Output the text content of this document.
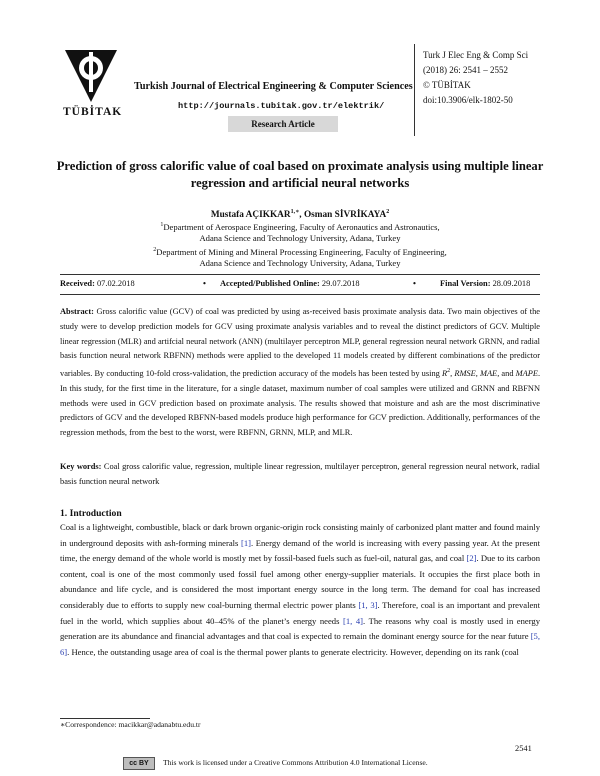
TÜBİTAK
Turkish Journal of Electrical Engineering & Computer Sciences
http://journals.tubitak.gov.tr/elektrik/
Research Article
Turk J Elec Eng & Comp Sci
(2018) 26: 2541 – 2552
© TÜBİTAK
doi:10.3906/elk-1802-50
Prediction of gross calorific value of coal based on proximate analysis using multiple linear regression and artificial neural networks
Mustafa $AÇIKKAR^{1,∗}$, Osman SİVRİKAYA$^2$
$^1$Department of Aerospace Engineering, Faculty of Aeronautics and Astronautics,
Adana Science and Technology University, Adana, Turkey
$^2$Department of Mining and Mineral Processing Engineering, Faculty of Engineering,
Adana Science and Technology University, Adana, Turkey
Received: 07.02.2018	• Accepted/Published Online: 29.07.2018	•	Final Version: 28.09.2018
Abstract: Gross calorific value (GCV) of coal was predicted by using as-received basis proximate analysis data. Two main objectives of the study were to develop prediction models for GCV using proximate analysis variables and to reveal the distinct predictors of GCV. Multiple linear regression (MLR) and artifcial neural network (ANN) (multilayer perceptron MLP, general regression neural network GRNN, and radial basis function neural network RBFNN) methods were applied to the developed 11 models created by different combinations of the predictor variables. By conducting 10-fold cross-validation, the prediction accuracy of the models has been tested by using $R^2$, RMSE, MAE, and MAPE. In this study, for the first time in the literature, for a single dataset, maximum number of coal samples were utilized and GRNN and RBFNN methods were used in GCV prediction based on proximate analysis. The results showed that moisture and ash are the most discriminative predictors of GCV and the developed RBFNN-based models produce high performance for GCV prediction. Additionally, performances of the regression methods, from the best to the worst, were RBFNN, GRNN, MLP, and MLR.
Key words: Coal gross calorific value, regression, multiple linear regression, multilayer perceptron, general regression neural network, radial basis function neural network
1. Introduction
Coal is a lightweight, combustible, black or dark brown organic-origin rock consisting mainly of carbonized plant matter and found mainly in underground deposits with ash-forming minerals [1]. Energy demand of the world is increasing with every passing year. At the present time, the energy demand of the whole world is mostly met by fossil-based fuels such as fuel-oil, natural gas, and coal [2]. Due to its carbon content, coal is one of the most commonly used fossil fuel among other energy-supplier materials. It occupies the first place both in abundance and life cycle, and is considered the most important energy source in the long term. The demand for coal has increased considerably due to efforts to supply new coal-burning thermal electric power plants [1, 3]. Therefore, coal is an important and prevalent fuel in the world, which supplies about 40–45% of the planet’s energy needs [1, 4]. The reasons why coal is mostly used in energy generation are its abundance and financial advantages and that coal is expected to remain the dominant energy source for the near future [5, 6]. Hence, the outstanding usage area of coal is the thermal power plants to generate electricity. However, depending on its rank (coal
∗Correspondence: macikkar@adanabtu.edu.tr
2541
cc BY	This work is licensed under a Creative Commons Attribution 4.0 International License.
